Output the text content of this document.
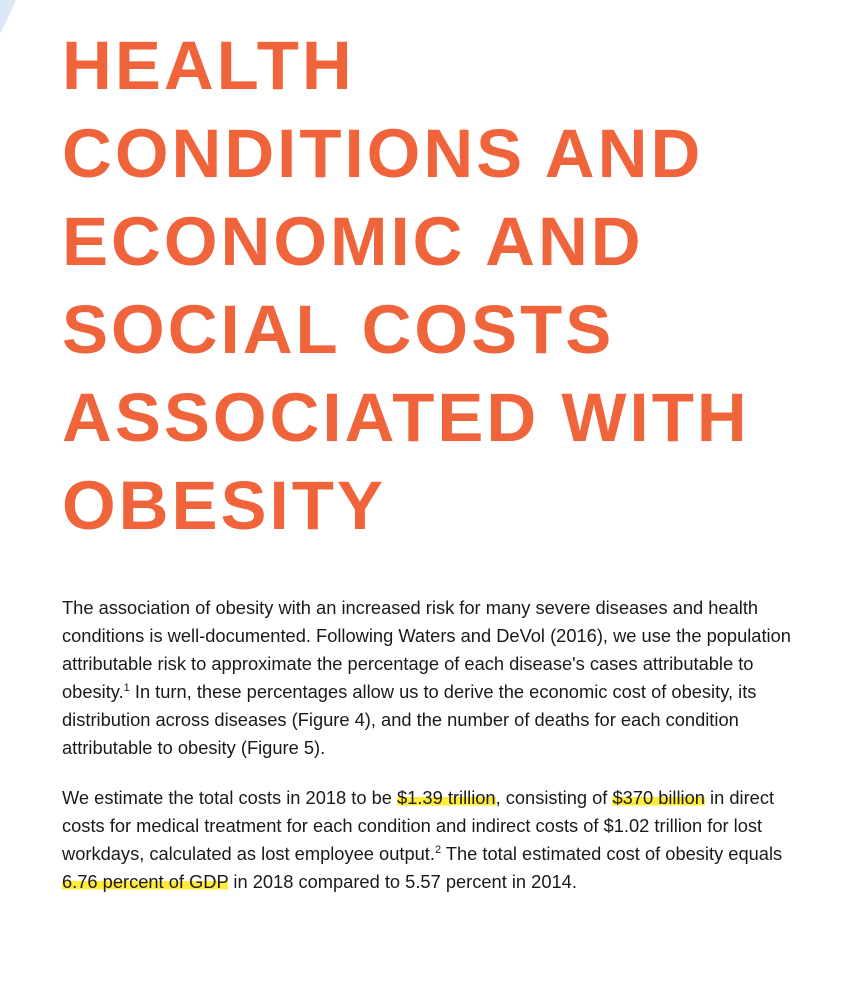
HEALTH
CONDITIONS AND
ECONOMIC AND
SOCIAL COSTS
ASSOCIATED WITH
OBESITY

The association of obesity with an increased risk for many severe diseases and health conditions is well-documented. Following Waters and DeVol (2016), we use the population attributable risk to approximate the percentage of each disease's cases attributable to obesity.$^1$ In turn, these percentages allow us to derive the economic cost of obesity, its distribution across diseases (Figure 4), and the number of deaths for each condition attributable to obesity (Figure 5).

We estimate the total costs in 2018 to be $1.39 trillion, consisting of $370 billion in direct costs for medical treatment for each condition and indirect costs of $1.02 trillion for lost workdays, calculated as lost employee output.$^2$ The total estimated cost of obesity equals 6.76 percent of GDP in 2018 compared to 5.57 percent in 2014.
